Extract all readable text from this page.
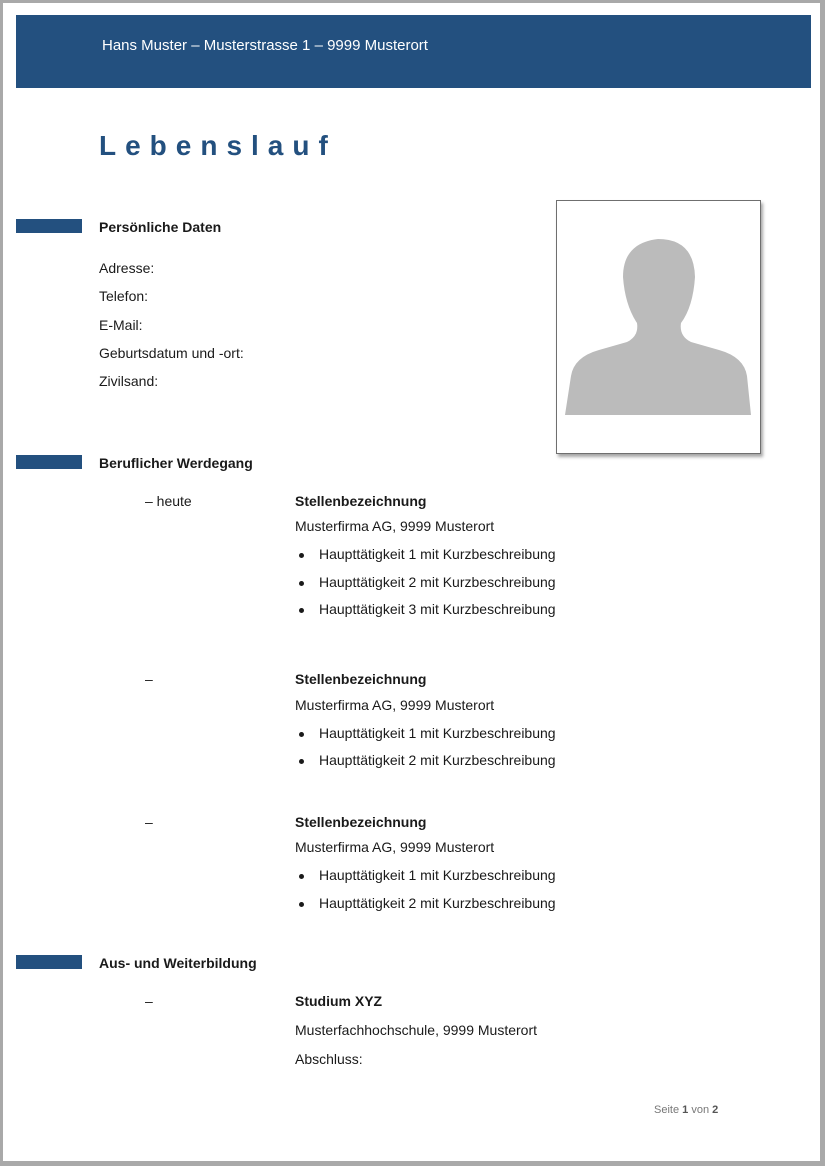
Hans Muster – Musterstrasse 1 – 9999 Musterort
Lebenslauf
Persönliche Daten
Adresse:
Telefon:
E-Mail:
Geburtsdatum und -ort:
Zivilsand:
Beruflicher Werdegang
– heute	Stellenbezeichnung
Musterfirma AG, 9999 Musterort
Haupttätigkeit 1 mit Kurzbeschreibung
Haupttätigkeit 2 mit Kurzbeschreibung
Haupttätigkeit 3 mit Kurzbeschreibung
–	Stellenbezeichnung
Musterfirma AG, 9999 Musterort
Haupttätigkeit 1 mit Kurzbeschreibung
Haupttätigkeit 2 mit Kurzbeschreibung
–	Stellenbezeichnung
Musterfirma AG, 9999 Musterort
Haupttätigkeit 1 mit Kurzbeschreibung
Haupttätigkeit 2 mit Kurzbeschreibung
Aus- und Weiterbildung
–	Studium XYZ
Musterfachhochschule, 9999 Musterort
Abschluss:
Seite 1 von 2
